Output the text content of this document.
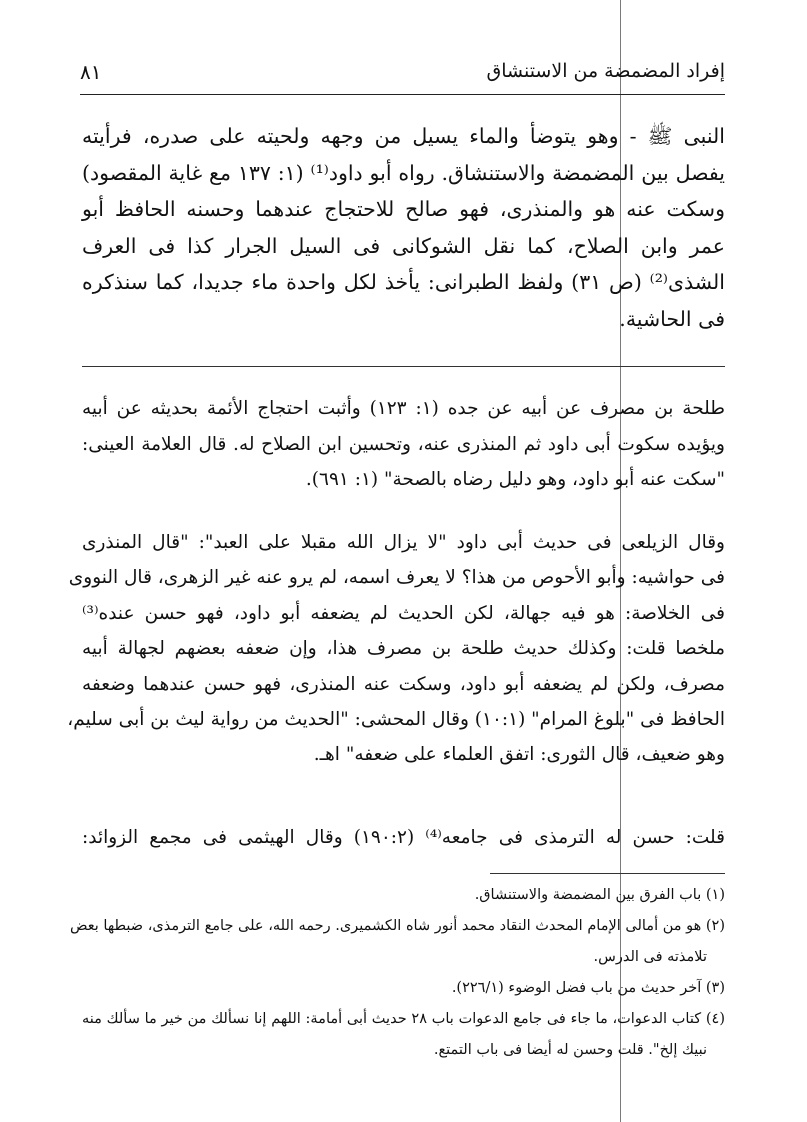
إفراد المضمضة من الاستنشاق
٨١
النبى ﷺ - وهو يتوضأ والماء يسيل من وجهه ولحيته على صدره، فرأيته
يفصل بين المضمضة والاستنشاق. رواه أبو داود⁽¹⁾ (١: ١٣٧ مع غاية المقصود)
وسكت عنه هو والمنذرى، فهو صالح للاحتجاج عندهما وحسنه الحافظ أبو
عمر وابن الصلاح، كما نقل الشوكانى فى السيل الجرار كذا فى العرف
الشذى⁽²⁾ (ص ٣١) ولفظ الطبرانى: يأخذ لكل واحدة ماء جديدا، كما سنذكره
فى الحاشية.
طلحة بن مصرف عن أبيه عن جده (١: ١٢٣) وأثبت احتجاج الأئمة بحديثه عن أبيه
ويؤيده سكوت أبى داود ثم المنذرى عنه، وتحسين ابن الصلاح له. قال العلامة العينى:
"سكت عنه أبو داود، وهو دليل رضاه بالصحة" (١: ٦٩١).
وقال الزيلعى فى حديث أبى داود "لا يزال الله مقبلا على العبد": "قال المنذرى
فى حواشيه: وأبو الأحوص من هذا؟ لا يعرف اسمه، لم يرو عنه غير الزهرى، قال النووى
فى الخلاصة: هو فيه جهالة، لكن الحديث لم يضعفه أبو داود، فهو حسن عنده⁽³⁾
ملخصا قلت: وكذلك حديث طلحة بن مصرف هذا، وإن ضعفه بعضهم لجهالة أبيه
مصرف، ولكن لم يضعفه أبو داود، وسكت عنه المنذرى، فهو حسن عندهما وضعفه
الحافظ فى "بلوغ المرام" (١٠:١) وقال المحشى: "الحديث من رواية ليث بن أبى سليم،
وهو ضعيف، قال الثورى: اتفق العلماء على ضعفه" اهـ.
قلت: حسن له الترمذى فى جامعه⁽⁴⁾ (١٩٠:٢) وقال الهيثمى فى مجمع الزوائد:
(١) باب الفرق بين المضمضة والاستنشاق.
(٢) هو من أمالى الإمام المحدث النقاد محمد أنور شاه الكشميرى. رحمه الله، على جامع الترمذى، ضبطها بعض
تلامذته فى الدرس.
(٣) آخر حديث من باب فضل الوضوء (٢٢٦/١).
(٤) كتاب الدعوات، ما جاء فى جامع الدعوات باب ٢٨ حديث أبى أمامة: اللهم إنا نسألك من خير ما سألك منه
نبيك إلخ". قلت وحسن له أيضا فى باب التمتع.
